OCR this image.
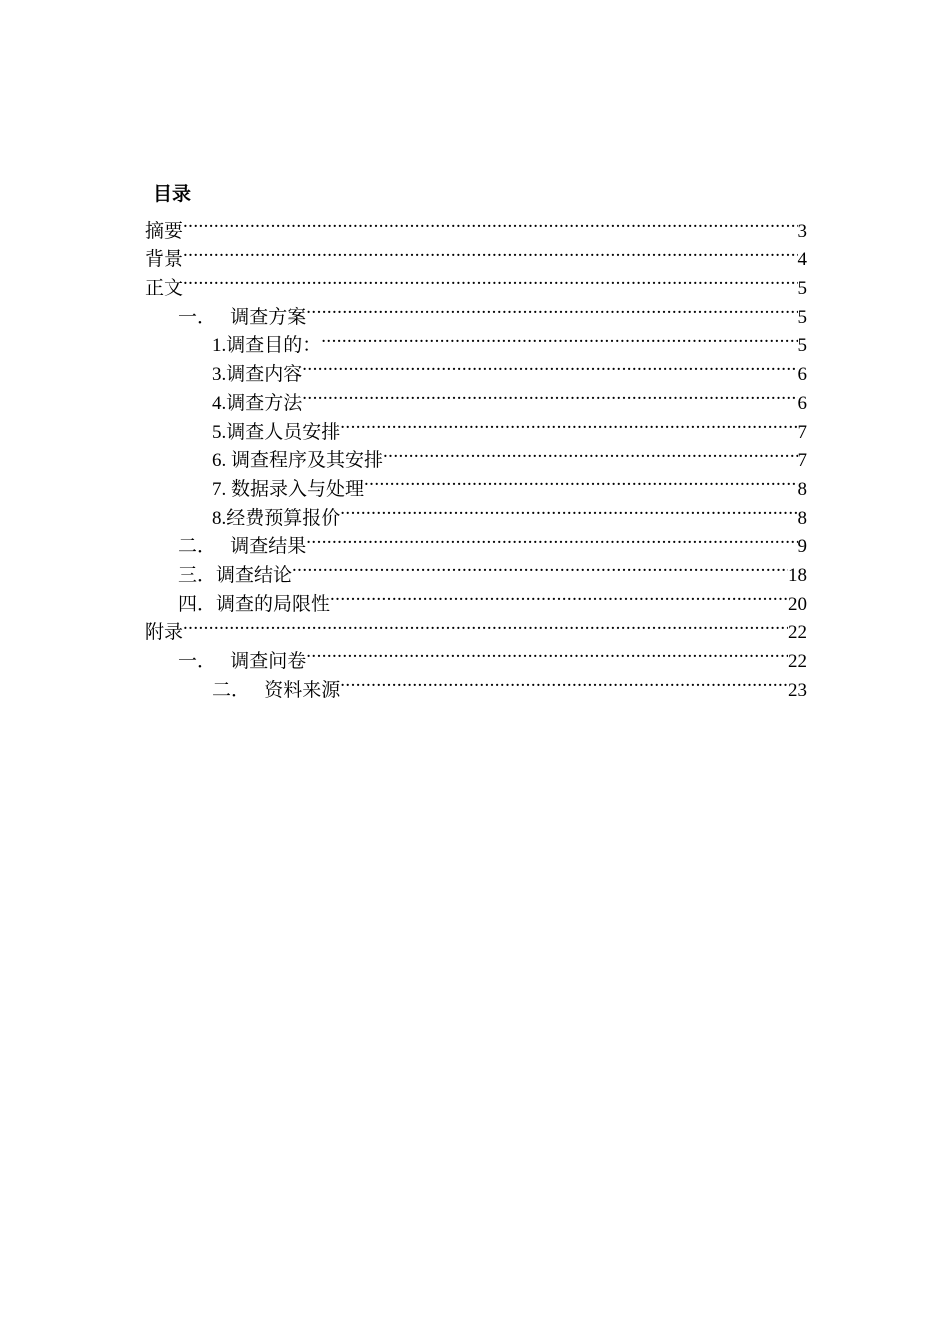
目录
摘要 .....	3
背景 .....	4
正文 .....	5
一．   调查方案 .....	5
1.调查目的： .....	5
3.调查内容 .....	6
4.调查方法 .....	6
5.调查人员安排 .....	7
6. 调查程序及其安排 .....	7
7. 数据录入与处理 .....	8
8.经费预算报价 .....	8
二．   调查结果 .....	9
三．调查结论 .....	18
四．调查的局限性 .....	20
附录 .....	22
一．   调查问卷 .....	22
二．   资料来源 .....	23
